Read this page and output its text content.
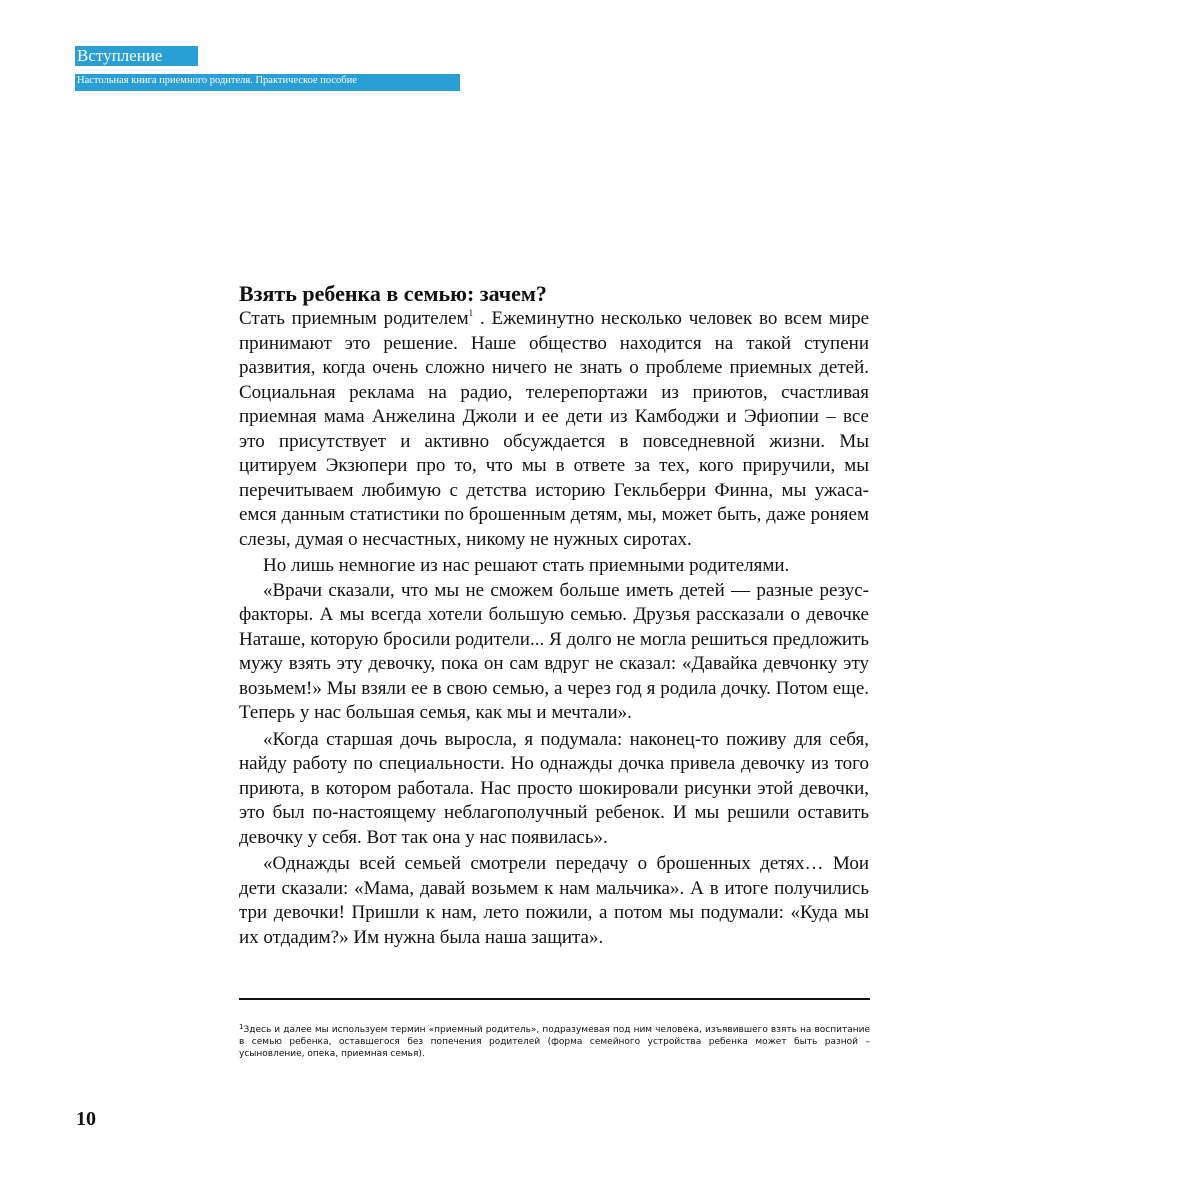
Вступление
Настольная книга приемного родителя. Практическое пособие
Взять ребенка в семью: зачем?

Стать приемным родителем$^1$ . Ежеминутно несколько человек во всем мире принимают это решение. Наше общество находится на такой ступени развития, когда очень сложно ничего не знать о проблеме приемных детей. Социальная реклама на радио, телерепортажи из приютов, счастливая приемная мама Анжелина Джоли и ее дети из Камбоджи и Эфиопии – все это присутствует и активно обсуждается в повседневной жизни. Мы цитируем Экзюпери про то, что мы в ответе за тех, кого приручили, мы перечитываем любимую с детства историю Гекльберри Финна, мы ужасаемся данным статистики по брошенным детям, мы, может быть, даже роняем слезы, думая о несчастных, никому не нужных сиротах.

Но лишь немногие из нас решают стать приемными родителями.

«Врачи сказали, что мы не сможем больше иметь детей — разные резус-факторы. А мы всегда хотели большую семью. Друзья рассказали о девочке Наташе, которую бросили родители... Я долго не могла решиться предложить мужу взять эту девочку, пока он сам вдруг не сказал: «Давайка девчонку эту возьмем!» Мы взяли ее в свою семью, а через год я родила дочку. Потом еще. Теперь у нас большая семья, как мы и мечтали».

«Когда старшая дочь выросла, я подумала: наконец-то поживу для себя, найду работу по специальности. Но однажды дочка привела девочку из того приюта, в котором работала. Нас просто шокировали рисунки этой девочки, это был по-настоящему неблагополучный ребенок. И мы решили оставить девочку у себя. Вот так она у нас появилась».

«Однажды всей семьей смотрели передачу о брошенных детях… Мои дети сказали: «Мама, давай возьмем к нам мальчика». А в итоге получились три девочки! Пришли к нам, лето пожили, а потом мы подумали: «Куда мы их отдадим?» Им нужна была наша защита».

$^1$Здесь и далее мы используем термин «приемный родитель», подразумевая под ним человека, изъявившего взять на воспитание в семью ребенка, оставшегося без попечения родителей (форма семейного устройства ребенка может быть разной – усыновление, опека, приемная семья).

10
